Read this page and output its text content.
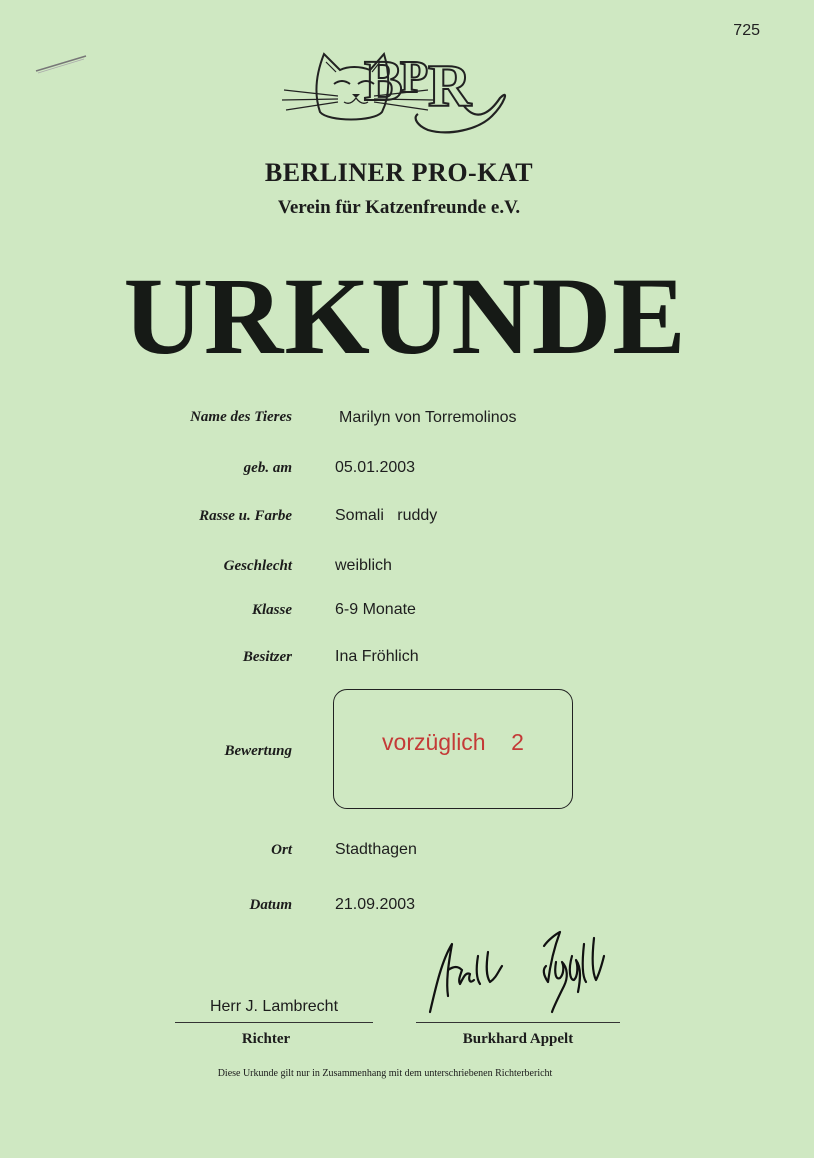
725
B
P R
BERLINER PRO-KAT
Verein für Katzenfreunde e.V.
URKUNDE
Name des Tieres	Marilyn von Torremolinos
geb. am	05.01.2003
Rasse u. Farbe	Somali   ruddy
Geschlecht	weiblich
Klasse	6-9 Monate
Besitzer	Ina Fröhlich
Bewertung	vorzüglich    2
Ort	Stadthagen
Datum	21.09.2003
Burkhard Appelt
Herr J. Lambrecht
Richter	Burkhard Appelt
Diese Urkunde gilt nur in Zusammenhang mit dem unterschriebenen Richterbericht
